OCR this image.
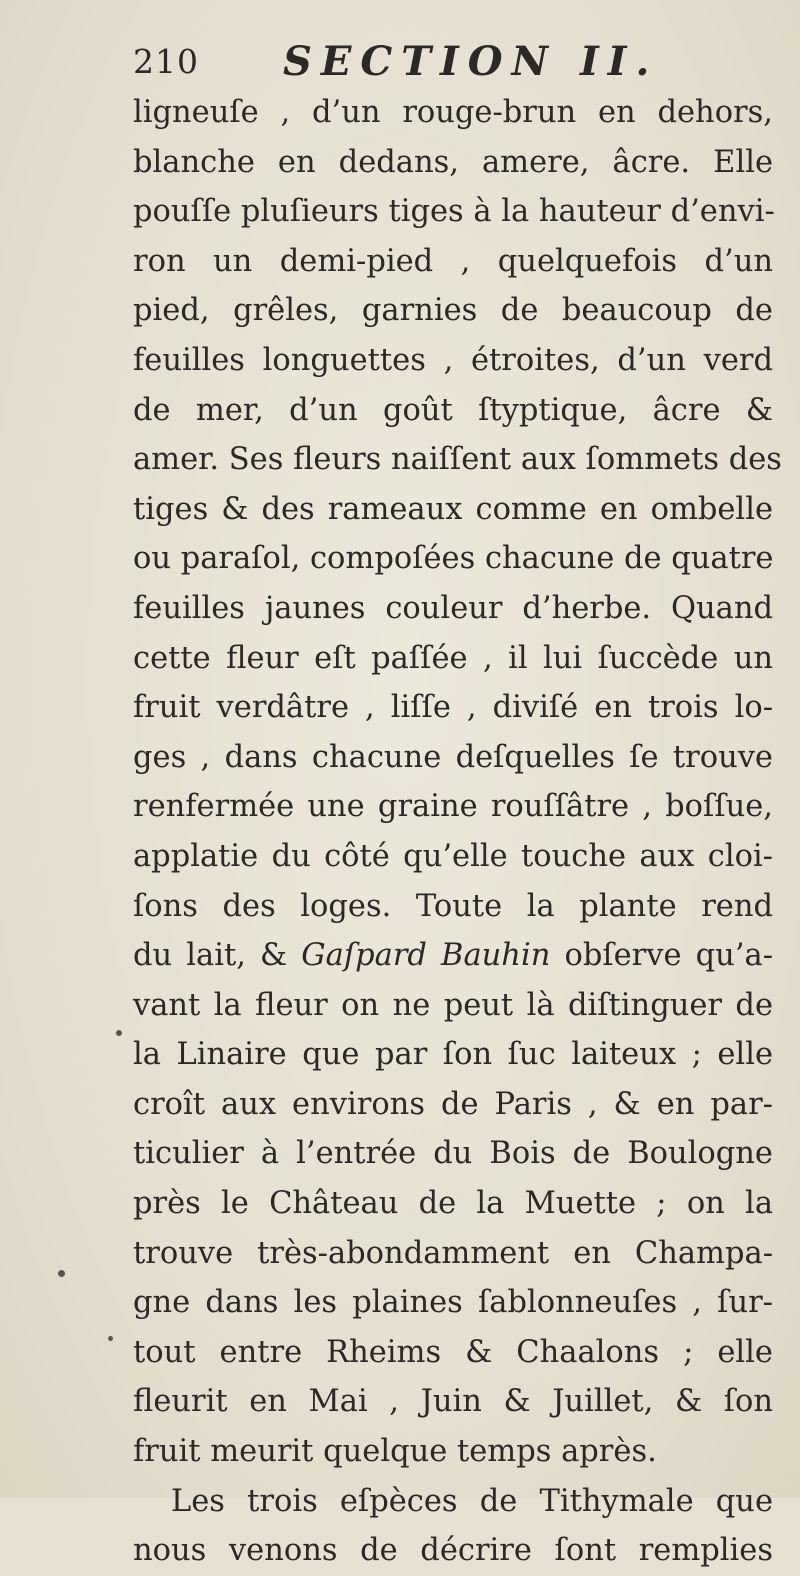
210 SECTION II.
ligneuſe , d’un rouge-brun en dehors,
blanche en dedans, amere, âcre. Elle
pouſſe pluſieurs tiges à la hauteur d’envi-
ron un demi-pied , quelquefois d’un
pied, grêles, garnies de beaucoup de
feuilles longuettes , étroites, d’un verd
de mer, d’un goût ſtyptique, âcre &
amer. Ses fleurs naiſſent aux ſommets des
tiges & des rameaux comme en ombelle
ou paraſol, compoſées chacune de quatre
feuilles jaunes couleur d’herbe. Quand
cette fleur eſt paſſée , il lui ſuccède un
fruit verdâtre , liſſe , diviſé en trois lo-
ges , dans chacune deſquelles ſe trouve
renfermée une graine rouſſâtre , boſſue,
applatie du côté qu’elle touche aux cloi-
ſons des loges. Toute la plante rend
du lait, & Gaſpard Bauhin obſerve qu’a-
vant la fleur on ne peut là diſtinguer de
la Linaire que par ſon ſuc laiteux ; elle
croît aux environs de Paris , & en par-
ticulier à l’entrée du Bois de Boulogne
près le Château de la Muette ; on la
trouve très-abondamment en Champa-
gne dans les plaines ſablonneuſes , ſur-
tout entre Rheims & Chaalons ; elle
fleurit en Mai , Juin & Juillet, & ſon
fruit meurit quelque temps après.
Les trois eſpèces de Tithymale que
nous venons de décrire ſont remplies
